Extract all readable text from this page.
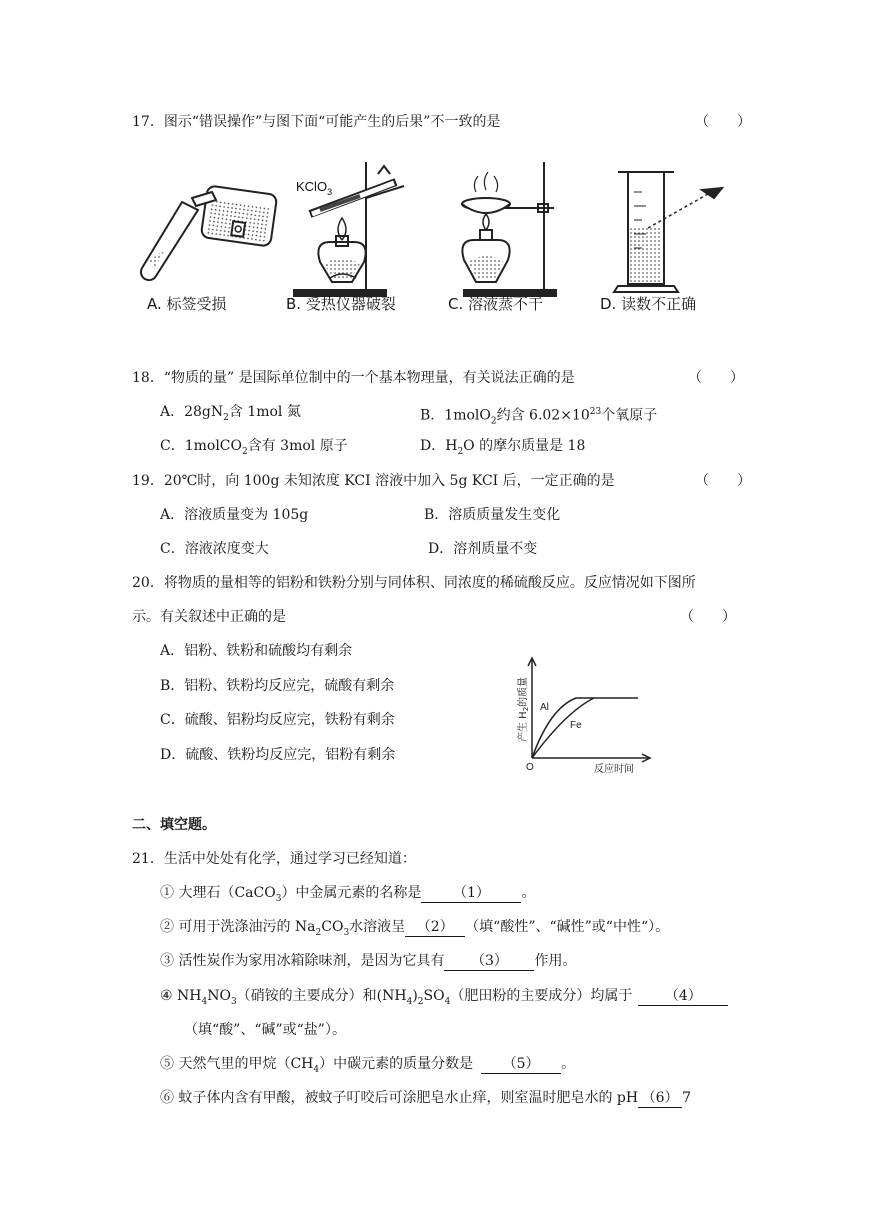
17．图示“错误操作”与图下面“可能产生的后果”不一致的是	（　　）
KClO$_3$
A. 标签受损	B. 受热仪器破裂	C. 溶液蒸不干	D. 读数不正确
18．“物质的量” 是国际单位制中的一个基本物理量，有关说法正确的是	（　　）
A．$28gN_2$含 1mol 氮	B．1molO$_2$约含 $6.02\times 10^{23}$个氧原子
C．1molCO$_2$含有 3mol 原子	D．$H_2O$ 的摩尔质量是 18
19．20℃时，向 100g 未知浓度 KCI 溶液中加入 5g KCI 后，一定正确的是	（　　）
A．溶液质量变为 105g	B．溶质质量发生变化
C．溶液浓度变大	D．溶剂质量不变
20．将物质的量相等的铝粉和铁粉分别与同体积、同浓度的稀硫酸反应。反应情况如下图所
示。有关叙述中正确的是	（　　）
A．铝粉、铁粉和硫酸均有剩余
B．铝粉、铁粉均反应完，硫酸有剩余
C．硫酸、铝粉均反应完，铁粉有剩余
D．硫酸、铁粉均反应完，铝粉有剩余
产生 $H_2$的质量
Al
Fe
O	反应时间
二、填空题。
21．生活中处处有化学，通过学习已经知道：
① 大理石（CaCO$_3$）中金属元素的名称是 （1） 。
② 可用于洗涤油污的 $Na_2CO_3$水溶液呈 （2） （填“酸性”、“碱性”或“中性“）。
③ 活性炭作为家用冰箱除味剂，是因为它具有 （3） 作用。
④ $NH_4NO_3$（硝铵的主要成分）和$(NH_4)_2SO_4$（肥田粉的主要成分）均属于 （4）
（填“酸”、“碱”或“盐”）。
⑤ 天然气里的甲烷$(CH_4)$中碳元素的质量分数是 （5） 。
⑥ 蚊子体内含有甲酸，被蚊子叮咬后可涂肥皂水止痒，则室温时肥皂水的 pH （6） 7
